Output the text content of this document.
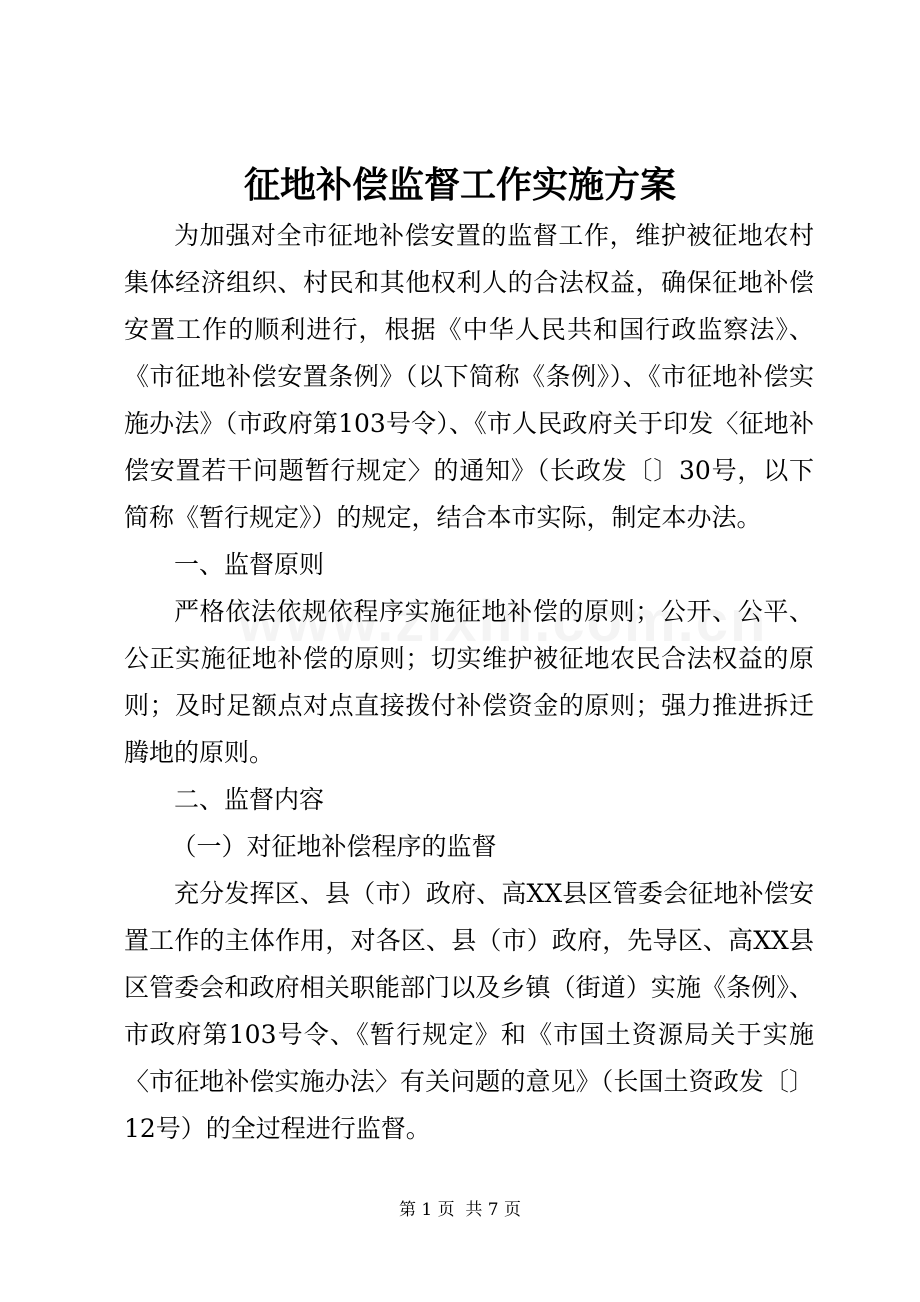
征地补偿监督工作实施方案

为加强对全市征地补偿安置的监督工作，维护被征地农村集体经济组织、村民和其他权利人的合法权益，确保征地补偿安置工作的顺利进行，根据《中华人民共和国行政监察法》、《市征地补偿安置条例》（以下简称《条例》）、《市征地补偿实施办法》（市政府第103号令）、《市人民政府关于印发〈征地补偿安置若干问题暂行规定〉的通知》（长政发〔〕30号，以下简称《暂行规定》）的规定，结合本市实际，制定本办法。

一、监督原则

严格依法依规依程序实施征地补偿的原则；公开、公平、公正实施征地补偿的原则；切实维护被征地农民合法权益的原则；及时足额点对点直接拨付补偿资金的原则；强力推进拆迁腾地的原则。

二、监督内容

（一）对征地补偿程序的监督

充分发挥区、县（市）政府、高XX县区管委会征地补偿安置工作的主体作用，对各区、县（市）政府，先导区、高XX县区管委会和政府相关职能部门以及乡镇（街道）实施《条例》、市政府第103号令、《暂行规定》和《市国土资源局关于实施〈市征地补偿实施办法〉有关问题的意见》（长国土资政发〔〕12号）的全过程进行监督。

第 1 页  共 7 页
